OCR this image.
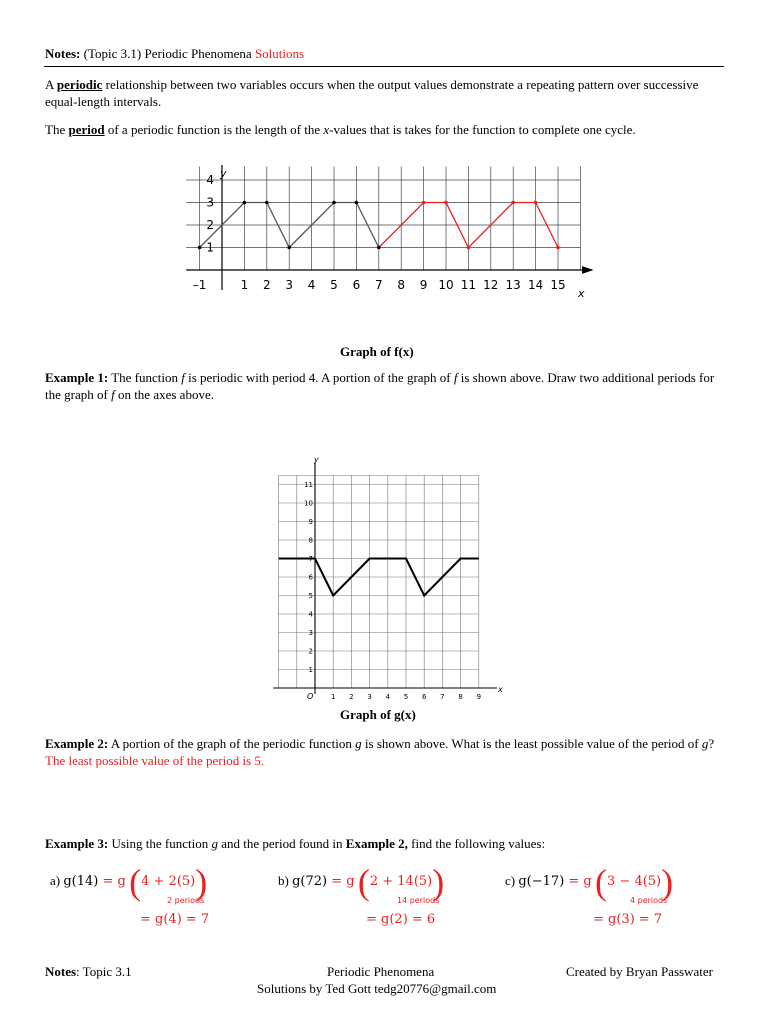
Notes: (Topic 3.1) Periodic Phenomena Solutions
A periodic relationship between two variables occurs when the output values demonstrate a repeating pattern over successive equal-length intervals.
The period of a periodic function is the length of the x-values that is takes for the function to complete one cycle.
–1	1 2 3 4 5 6 7 8 9 10 11 12 13 14 15
1
2
3
4 y
x
Graph of f(x)
Example 1: The function f is periodic with period 4. A portion of the graph of f is shown above. Draw two additional periods for the graph of f on the axes above.
1 2 3 4 5 6 7 8 9
1
2
3
4
5
6
7
8
9
10
11
y
x
O
Graph of g(x)
Example 2: A portion of the graph of the periodic function g is shown above. What is the least possible value of the period of g? The least possible value of the period is 5.
Example 3: Using the function g and the period found in Example 2, find the following values:
a) g(14) = g (4 + 2(5))
2 periods
= g(4) = 7
b) g(72) = g (2 + 14(5))
14 periods
= g(2) = 6
c) g(−17) = g (3 − 4(5))
4 periods
= g(3) = 7
Notes: Topic 3.1	Periodic Phenomena	Created by Bryan Passwater
Solutions by Ted Gott tedg20776@gmail.com
